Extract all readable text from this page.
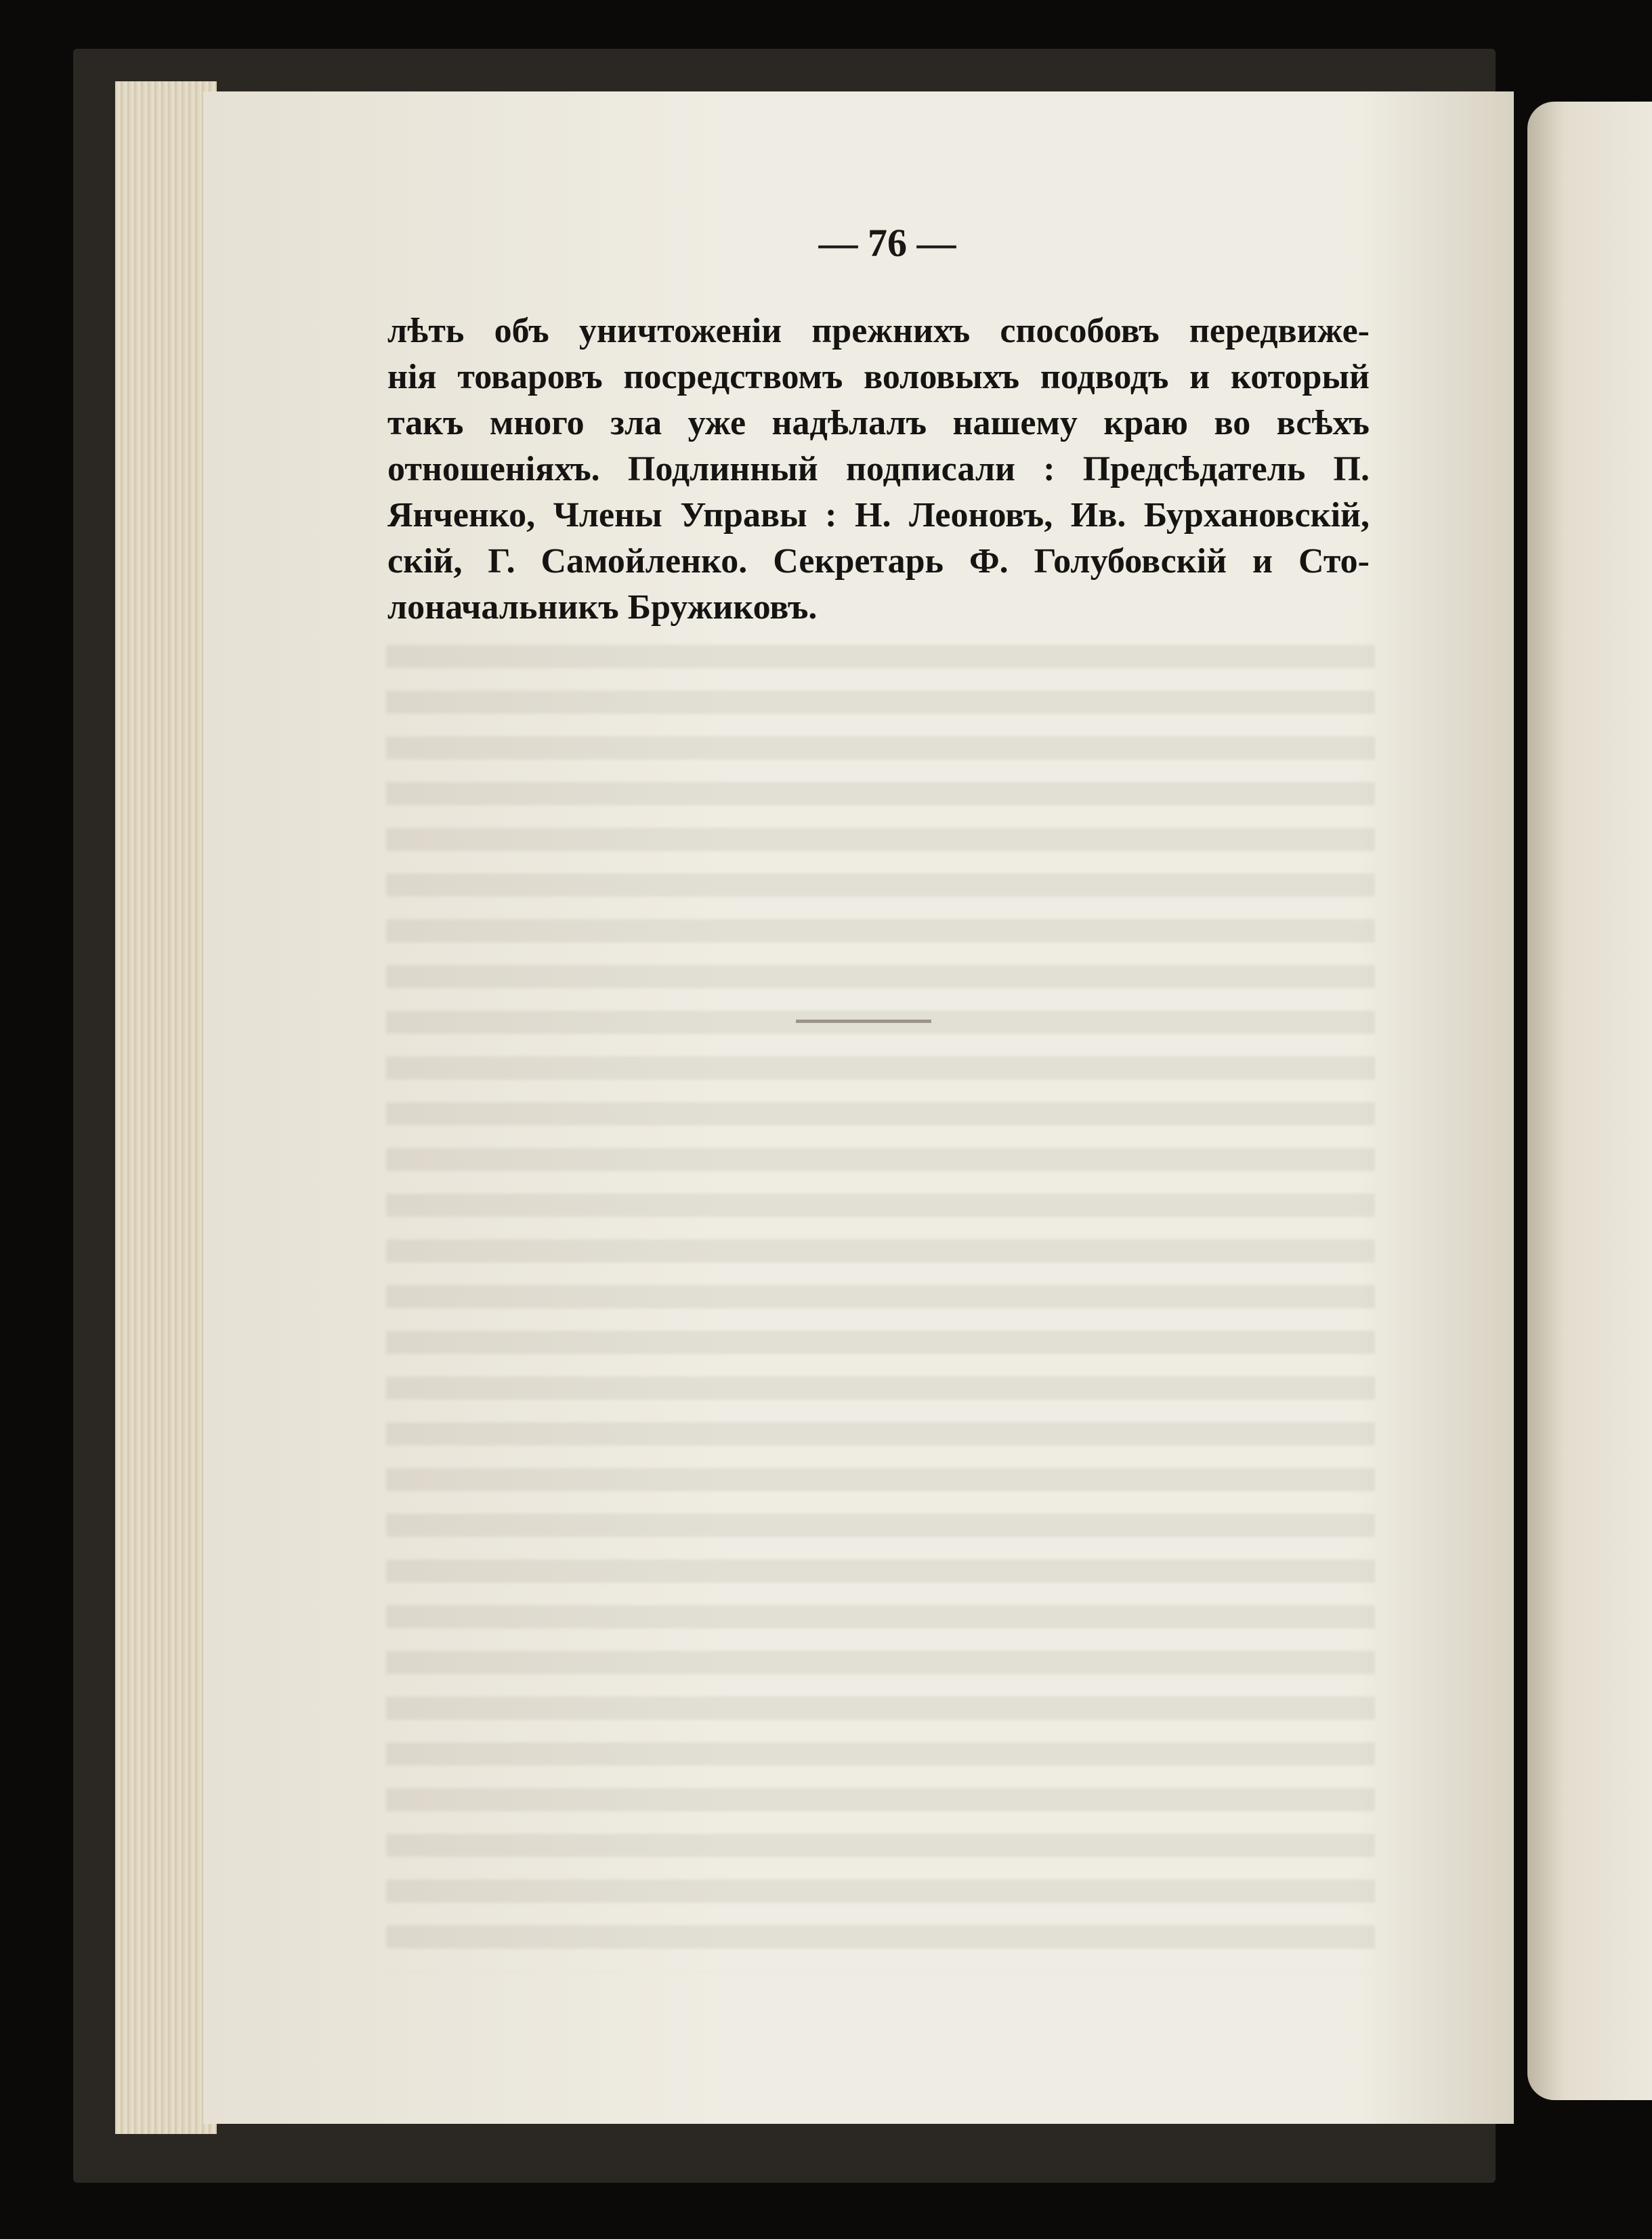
— 76 —
лѣть объ уничтоженіи прежнихъ способовъ передвиже-
нія товаровъ посредствомъ воловыхъ подводъ и который
такъ много зла уже надѣлалъ нашему краю во всѣхъ
отношеніяхъ. Подлинный подписали : Предсѣдатель П.
Янченко, Члены Управы : Н. Леоновъ, Ив. Бурхановскій,
скій, Г. Самойленко. Секретарь Ф. Голубовскій и Сто-
лоначальникъ Бружиковъ.
